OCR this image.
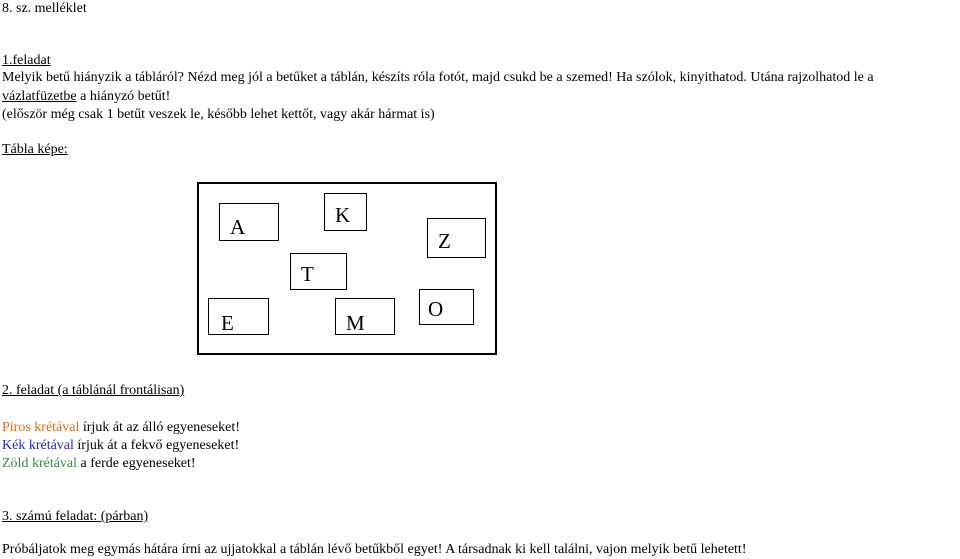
8. sz. melléklet
1.feladat
Melyik betű hiányzik a tábláról? Nézd meg jól a betűket a táblán, készíts róla fotót, majd csukd be a szemed! Ha szólok, kinyithatod. Utána rajzolhatod le a
vázlatfüzetbe a hiányzó betűt!
(először még csak 1 betűt veszek le, később lehet kettőt, vagy akár hármat is)
Tábla képe:
A	K
Z
T
E	M
O
2. feladat (a táblánál frontálisan)
Piros krétával írjuk át az álló egyeneseket!
Kék krétával írjuk át a fekvő egyeneseket!
Zöld krétával a ferde egyeneseket!
3. számú feladat: (párban)
Próbáljatok meg egymás hátára írni az ujjatokkal a táblán lévő betűkből egyet! A társadnak ki kell találni, vajon melyik betű lehetett!
